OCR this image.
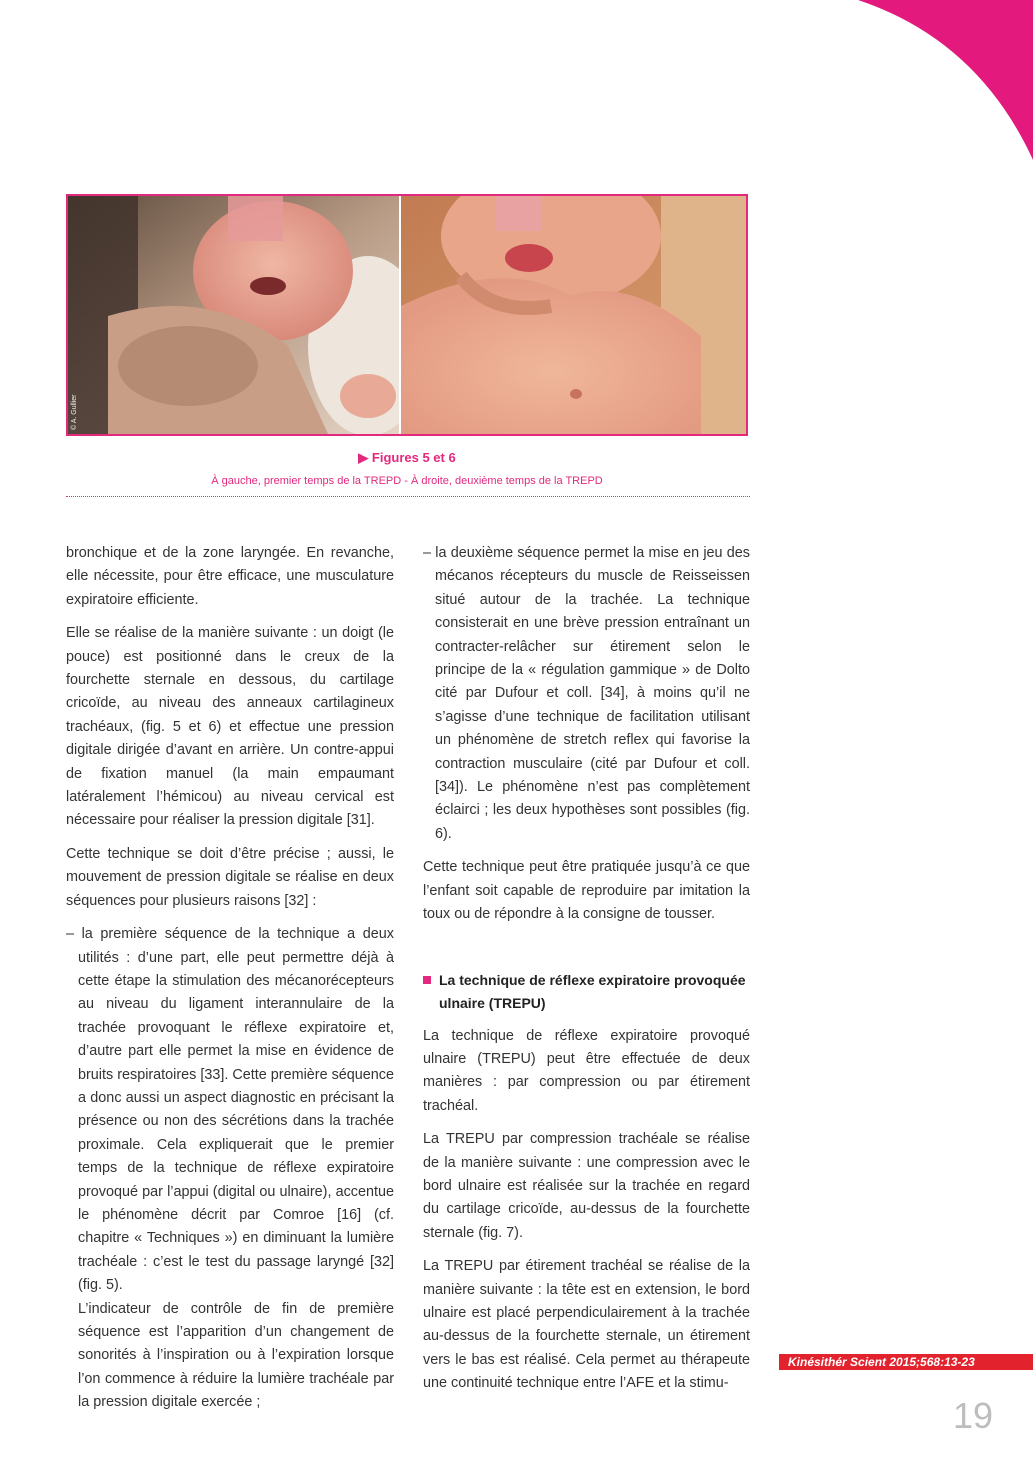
© A. Gullier
▶ Figures 5 et 6
À gauche, premier temps de la TREPD - À droite, deuxième temps de la TREPD

bronchique et de la zone laryngée. En revanche, elle nécessite, pour être efficace, une musculature expiratoire efficiente.

Elle se réalise de la manière suivante : un doigt (le pouce) est positionné dans le creux de la fourchette sternale en dessous, du cartilage cricoïde, au niveau des anneaux cartilagineux trachéaux, (fig. 5 et 6) et effectue une pression digitale dirigée d’avant en arrière. Un contre-appui de fixation manuel (la main empaumant latéralement l’hémicou) au niveau cervical est nécessaire pour réaliser la pression digitale [31].

Cette technique se doit d’être précise ; aussi, le mouvement de pression digitale se réalise en deux séquences pour plusieurs raisons [32] :

– la première séquence de la technique a deux utilités : d’une part, elle peut permettre déjà à cette étape la stimulation des mécanorécepteurs au niveau du ligament interannulaire de la trachée provoquant le réflexe expiratoire et, d’autre part elle permet la mise en évidence de bruits respiratoires [33]. Cette première séquence a donc aussi un aspect diagnostic en précisant la présence ou non des sécrétions dans la trachée proximale. Cela expliquerait que le premier temps de la technique de réflexe expiratoire provoqué par l’appui (digital ou ulnaire), accentue le phénomène décrit par Comroe [16] (cf. chapitre « Techniques ») en diminuant la lumière trachéale : c’est le test du passage laryngé [32] (fig. 5).

L’indicateur de contrôle de fin de première séquence est l’apparition d’un changement de sonorités à l’inspiration ou à l’expiration lorsque l’on commence à réduire la lumière trachéale par la pression digitale exercée ;

– la deuxième séquence permet la mise en jeu des mécanos récepteurs du muscle de Reisseissen situé autour de la trachée. La technique consisterait en une brève pression entraînant un contracter-relâcher sur étirement selon le principe de la « régulation gammique » de Dolto cité par Dufour et coll. [34], à moins qu’il ne s’agisse d’une technique de facilitation utilisant un phénomène de stretch reflex qui favorise la contraction musculaire (cité par Dufour et coll. [34]). Le phénomène n’est pas complètement éclairci ; les deux hypothèses sont possibles (fig. 6).

Cette technique peut être pratiquée jusqu’à ce que l’enfant soit capable de reproduire par imitation la toux ou de répondre à la consigne de tousser.

La technique de réflexe expiratoire provoquée ulnaire (TREPU)

La technique de réflexe expiratoire provoqué ulnaire (TREPU) peut être effectuée de deux manières : par compression ou par étirement trachéal.

La TREPU par compression trachéale se réalise de la manière suivante : une compression avec le bord ulnaire est réalisée sur la trachée en regard du cartilage cricoïde, au-dessus de la fourchette sternale (fig. 7).

La TREPU par étirement trachéal se réalise de la manière suivante : la tête est en extension, le bord ulnaire est placé perpendiculairement à la trachée au-dessus de la fourchette sternale, un étirement vers le bas est réalisé. Cela permet au thérapeute une continuité technique entre l’AFE et la stimu-

Kinésithér Scient 2015;568:13-23
19
